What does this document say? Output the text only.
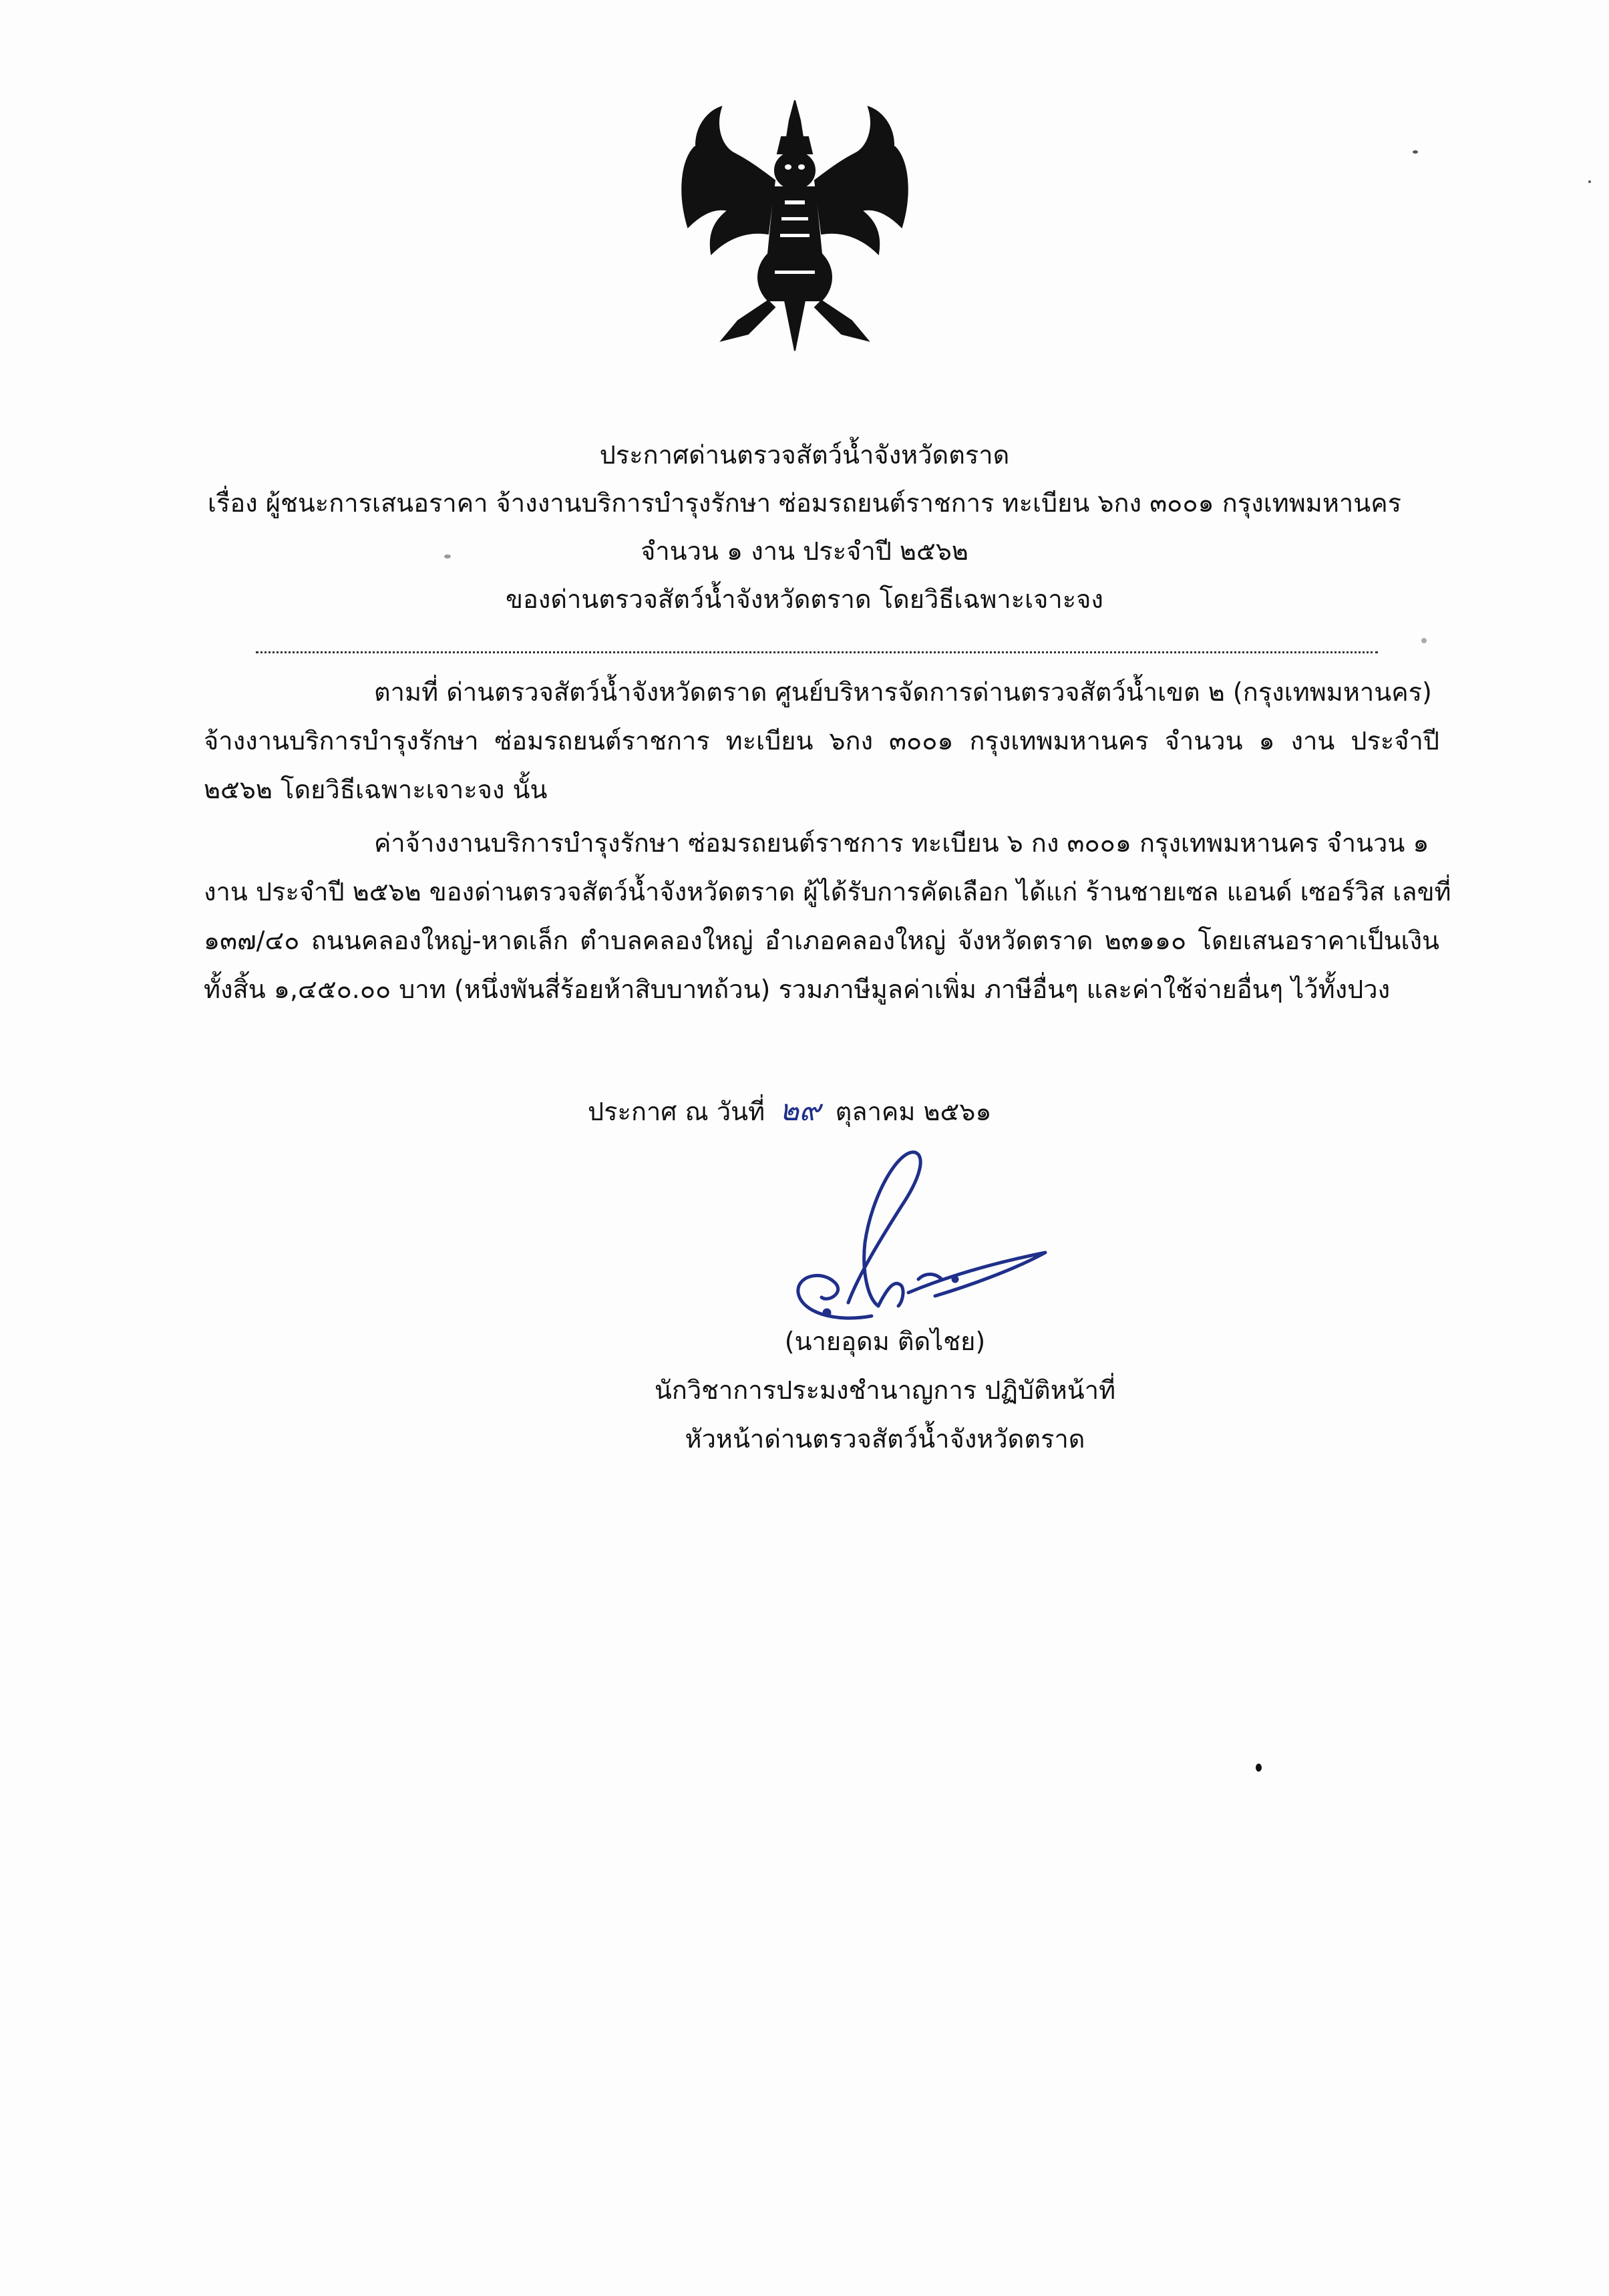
ประกาศด่านตรวจสัตว์น้ำจังหวัดตราด
เรื่อง ผู้ชนะการเสนอราคา จ้างงานบริการบำรุงรักษา ซ่อมรถยนต์ราชการ ทะเบียน ๖กง ๓๐๐๑ กรุงเทพมหานคร
จำนวน ๑ งาน ประจำปี ๒๕๖๒
ของด่านตรวจสัตว์น้ำจังหวัดตราด โดยวิธีเฉพาะเจาะจง
ตามที่ ด่านตรวจสัตว์น้ำจังหวัดตราด ศูนย์บริหารจัดการด่านตรวจสัตว์น้ำเขต ๒ (กรุงเทพมหานคร)
จ้างงานบริการบำรุงรักษา ซ่อมรถยนต์ราชการ ทะเบียน ๖กง ๓๐๐๑ กรุงเทพมหานคร จำนวน ๑ งาน ประจำปี
๒๕๖๒ โดยวิธีเฉพาะเจาะจง นั้น
ค่าจ้างงานบริการบำรุงรักษา ซ่อมรถยนต์ราชการ ทะเบียน ๖ กง ๓๐๐๑ กรุงเทพมหานคร จำนวน ๑
งาน ประจำปี ๒๕๖๒ ของด่านตรวจสัตว์น้ำจังหวัดตราด ผู้ได้รับการคัดเลือก ได้แก่ ร้านชายเซล แอนด์ เซอร์วิส เลขที่
๑๓๗/๔๐ ถนนคลองใหญ่-หาดเล็ก ตำบลคลองใหญ่ อำเภอคลองใหญ่ จังหวัดตราด ๒๓๑๑๐ โดยเสนอราคาเป็นเงิน
ทั้งสิ้น ๑,๔๕๐.๐๐ บาท (หนึ่งพันสี่ร้อยห้าสิบบาทถ้วน) รวมภาษีมูลค่าเพิ่ม ภาษีอื่นๆ และค่าใช้จ่ายอื่นๆ ไว้ทั้งปวง
ประกาศ ณ วันที่ ๒๙ ตุลาคม ๒๕๖๑
(นายอุดม ติดไชย)
นักวิชาการประมงชำนาญการ ปฏิบัติหน้าที่
หัวหน้าด่านตรวจสัตว์น้ำจังหวัดตราด
